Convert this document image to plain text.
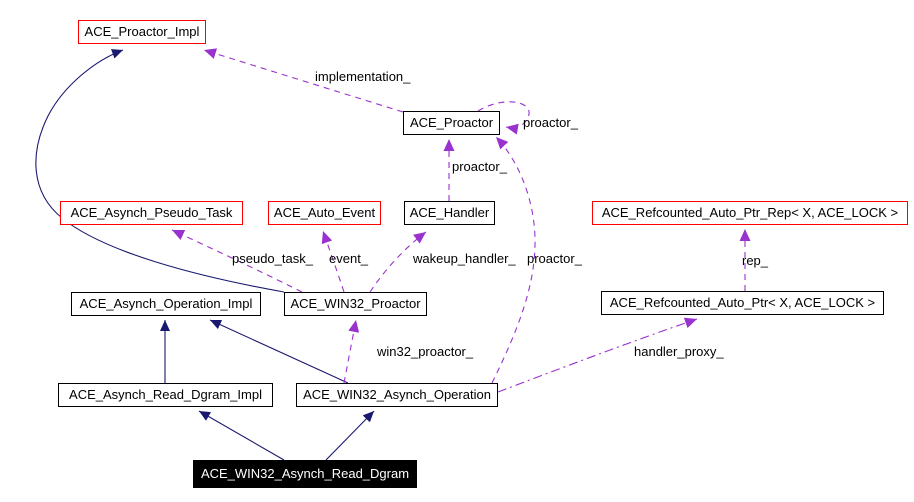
ACE_Proactor_Impl
ACE_Proactor
ACE_Asynch_Pseudo_Task	ACE_Auto_Event	ACE_Handler	ACE_Refcounted_Auto_Ptr_Rep< X, ACE_LOCK >
ACE_Asynch_Operation_Impl	ACE_WIN32_Proactor	ACE_Refcounted_Auto_Ptr< X, ACE_LOCK >
ACE_Asynch_Read_Dgram_Impl	ACE_WIN32_Asynch_Operation
ACE_WIN32_Asynch_Read_Dgram
implementation_
proactor_
proactor_
pseudo_task_ event_	wakeup_handler_ proactor_	rep_
win32_proactor_	handler_proxy_
